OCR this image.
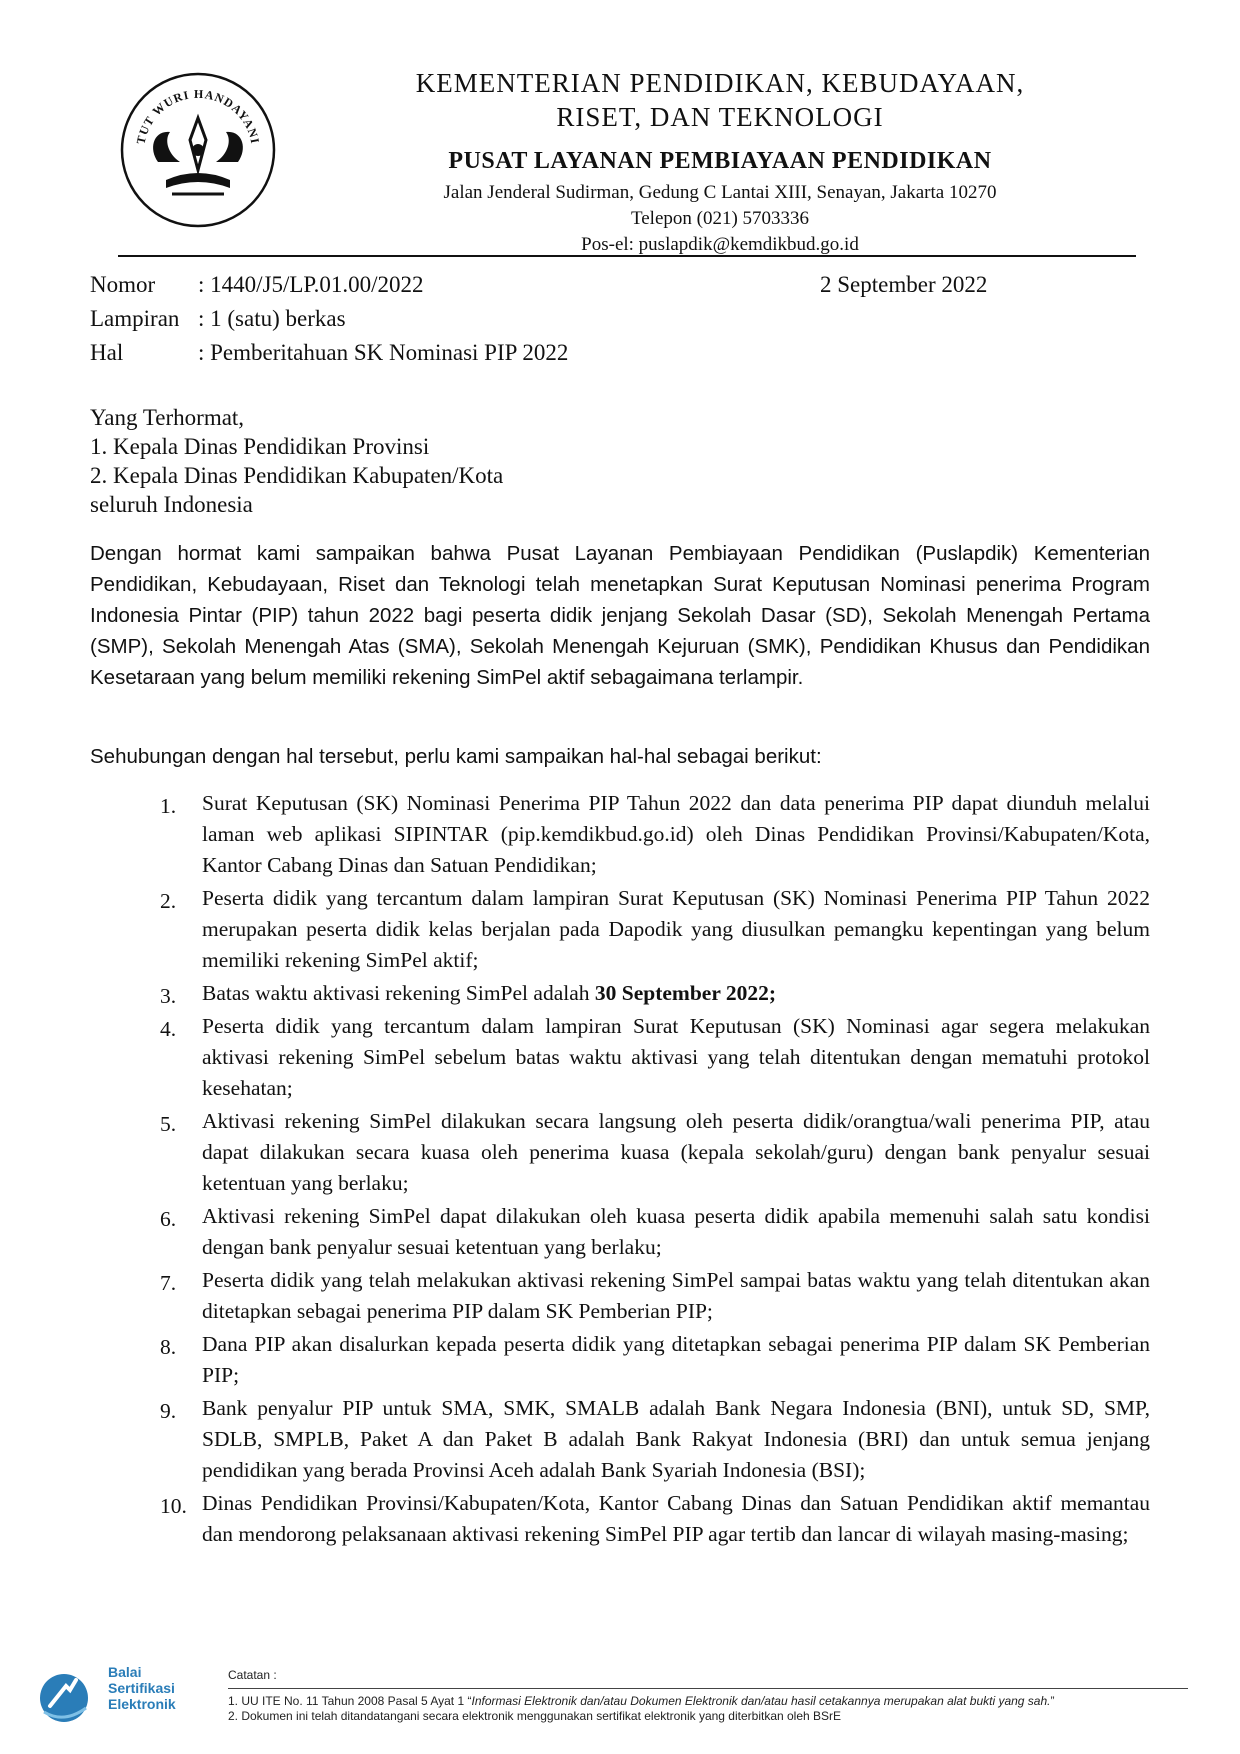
TUT WURI HANDAYANI
KEMENTERIAN PENDIDIKAN, KEBUDAYAAN,
RISET, DAN TEKNOLOGI
PUSAT LAYANAN PEMBIAYAAN PENDIDIKAN
Jalan Jenderal Sudirman, Gedung C Lantai XIII, Senayan, Jakarta 10270
Telepon (021) 5703336
Pos-el: puslapdik@kemdikbud.go.id
Nomor	: 1440/J5/LP.01.00/2022
Lampiran : 1 (satu) berkas
Hal	: Pemberitahuan SK Nominasi PIP 2022
2 September 2022
Yang Terhormat,
1. Kepala Dinas Pendidikan Provinsi
2. Kepala Dinas Pendidikan Kabupaten/Kota
seluruh Indonesia
Dengan hormat kami sampaikan bahwa Pusat Layanan Pembiayaan Pendidikan (Puslapdik) Kementerian Pendidikan, Kebudayaan, Riset dan Teknologi telah menetapkan Surat Keputusan Nominasi penerima Program Indonesia Pintar (PIP) tahun 2022 bagi peserta didik jenjang Sekolah Dasar (SD), Sekolah Menengah Pertama (SMP), Sekolah Menengah Atas (SMA), Sekolah Menengah Kejuruan (SMK), Pendidikan Khusus dan Pendidikan Kesetaraan yang belum memiliki rekening SimPel aktif sebagaimana terlampir.
Sehubungan dengan hal tersebut, perlu kami sampaikan hal-hal sebagai berikut:
1. Surat Keputusan (SK) Nominasi Penerima PIP Tahun 2022 dan data penerima PIP dapat diunduh melalui laman web aplikasi SIPINTAR (pip.kemdikbud.go.id) oleh Dinas Pendidikan Provinsi/Kabupaten/Kota, Kantor Cabang Dinas dan Satuan Pendidikan;
2. Peserta didik yang tercantum dalam lampiran Surat Keputusan (SK) Nominasi Penerima PIP Tahun 2022 merupakan peserta didik kelas berjalan pada Dapodik yang diusulkan pemangku kepentingan yang belum memiliki rekening SimPel aktif;
3. Batas waktu aktivasi rekening SimPel adalah 30 September 2022;
4. Peserta didik yang tercantum dalam lampiran Surat Keputusan (SK) Nominasi agar segera melakukan aktivasi rekening SimPel sebelum batas waktu aktivasi yang telah ditentukan dengan mematuhi protokol kesehatan;
5. Aktivasi rekening SimPel dilakukan secara langsung oleh peserta didik/orangtua/wali penerima PIP, atau dapat dilakukan secara kuasa oleh penerima kuasa (kepala sekolah/guru) dengan bank penyalur sesuai ketentuan yang berlaku;
6. Aktivasi rekening SimPel dapat dilakukan oleh kuasa peserta didik apabila memenuhi salah satu kondisi dengan bank penyalur sesuai ketentuan yang berlaku;
7. Peserta didik yang telah melakukan aktivasi rekening SimPel sampai batas waktu yang telah ditentukan akan ditetapkan sebagai penerima PIP dalam SK Pemberian PIP;
8. Dana PIP akan disalurkan kepada peserta didik yang ditetapkan sebagai penerima PIP dalam SK Pemberian PIP;
9. Bank penyalur PIP untuk SMA, SMK, SMALB adalah Bank Negara Indonesia (BNI), untuk SD, SMP, SDLB, SMPLB, Paket A dan Paket B adalah Bank Rakyat Indonesia (BRI) dan untuk semua jenjang pendidikan yang berada Provinsi Aceh adalah Bank Syariah Indonesia (BSI);
10. Dinas Pendidikan Provinsi/Kabupaten/Kota, Kantor Cabang Dinas dan Satuan Pendidikan aktif memantau dan mendorong pelaksanaan aktivasi rekening SimPel PIP agar tertib dan lancar di wilayah masing-masing;
Balai
Sertifikasi
Elektronik
Catatan :
1. UU ITE No. 11 Tahun 2008 Pasal 5 Ayat 1 “Informasi Elektronik dan/atau Dokumen Elektronik dan/atau hasil cetakannya merupakan alat bukti yang sah.”
2. Dokumen ini telah ditandatangani secara elektronik menggunakan sertifikat elektronik yang diterbitkan oleh BSrE
